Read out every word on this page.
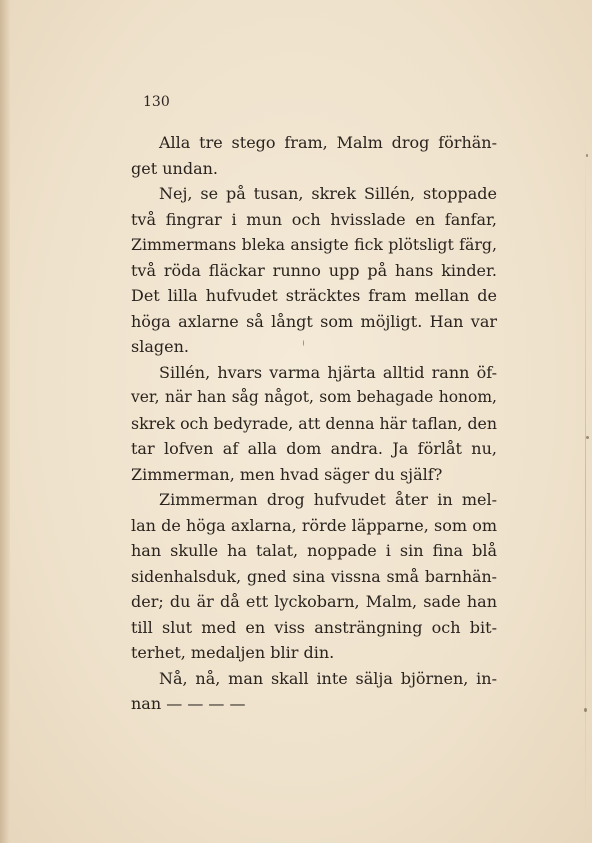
130
Alla tre stego fram, Malm drog förhän-
get undan.
Nej, se på tusan, skrek Sillén, stoppade
två fingrar i mun och hvisslade en fanfar,
Zimmermans bleka ansigte fick plötsligt färg,
två röda fläckar runno upp på hans kinder.
Det lilla hufvudet sträcktes fram mellan de
höga axlarne så långt som möjligt. Han var
slagen.
Sillén, hvars varma hjärta alltid rann öf-
ver, när han såg något, som behagade honom,
skrek och bedyrade, att denna här taflan, den
tar lofven af alla dom andra. Ja förlåt nu,
Zimmerman, men hvad säger du själf?
Zimmerman drog hufvudet åter in mel-
lan de höga axlarna, rörde läpparne, som om
han skulle ha talat, noppade i sin fina blå
sidenhalsduk, gned sina vissna små barnhän-
der; du är då ett lyckobarn, Malm, sade han
till slut med en viss ansträngning och bit-
terhet, medaljen blir din.
Nå, nå, man skall inte sälja björnen, in-
nan — — — —
